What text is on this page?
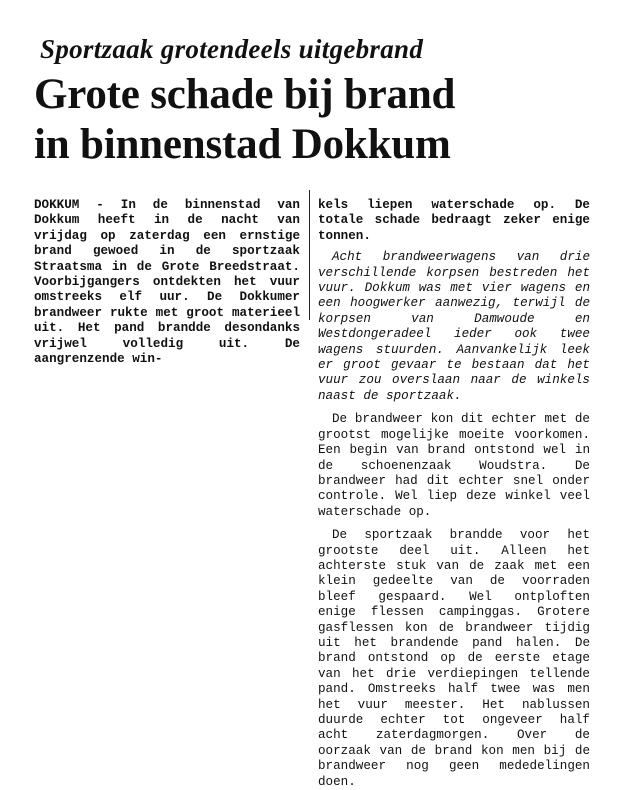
Sportzaak grotendeels uitgebrand
Grote schade bij brand
in binnenstad Dokkum

DOKKUM - In de binnenstad van Dokkum heeft in de nacht van vrijdag op zaterdag een ernstige brand gewoed in de sportzaak Straatsma in de Grote Breedstraat. Voorbijgangers ontdekten het vuur omstreeks elf uur. De Dokkumer brandweer rukte met groot materieel uit. Het pand brandde desondanks vrijwel volledig uit. De aangrenzende win-

kels liepen waterschade op. De totale schade bedraagt zeker enige tonnen.

Acht brandweerwagens van drie verschillende korpsen bestreden het vuur. Dokkum was met vier wagens en een hoogwerker aanwezig, terwijl de korpsen van Damwoude en Westdongeradeel ieder ook twee wagens stuurden. Aanvankelijk leek er groot gevaar te bestaan dat het vuur zou overslaan naar de winkels naast de sportzaak.

De brandweer kon dit echter met de grootst mogelijke moeite voorkomen. Een begin van brand ontstond wel in de schoenenzaak Woudstra. De brandweer had dit echter snel onder controle. Wel liep deze winkel veel waterschade op.

De sportzaak brandde voor het grootste deel uit. Alleen het achterste stuk van de zaak met een klein gedeelte van de voorraden bleef gespaard. Wel ontploften enige flessen campinggas. Grotere gasflessen kon de brandweer tijdig uit het brandende pand halen. De brand ontstond op de eerste etage van het drie verdiepingen tellende pand. Omstreeks half twee was men het vuur meester. Het nablussen duurde echter tot ongeveer half acht zaterdagmorgen. Over de oorzaak van de brand kon men bij de brandweer nog geen mededelingen doen.
